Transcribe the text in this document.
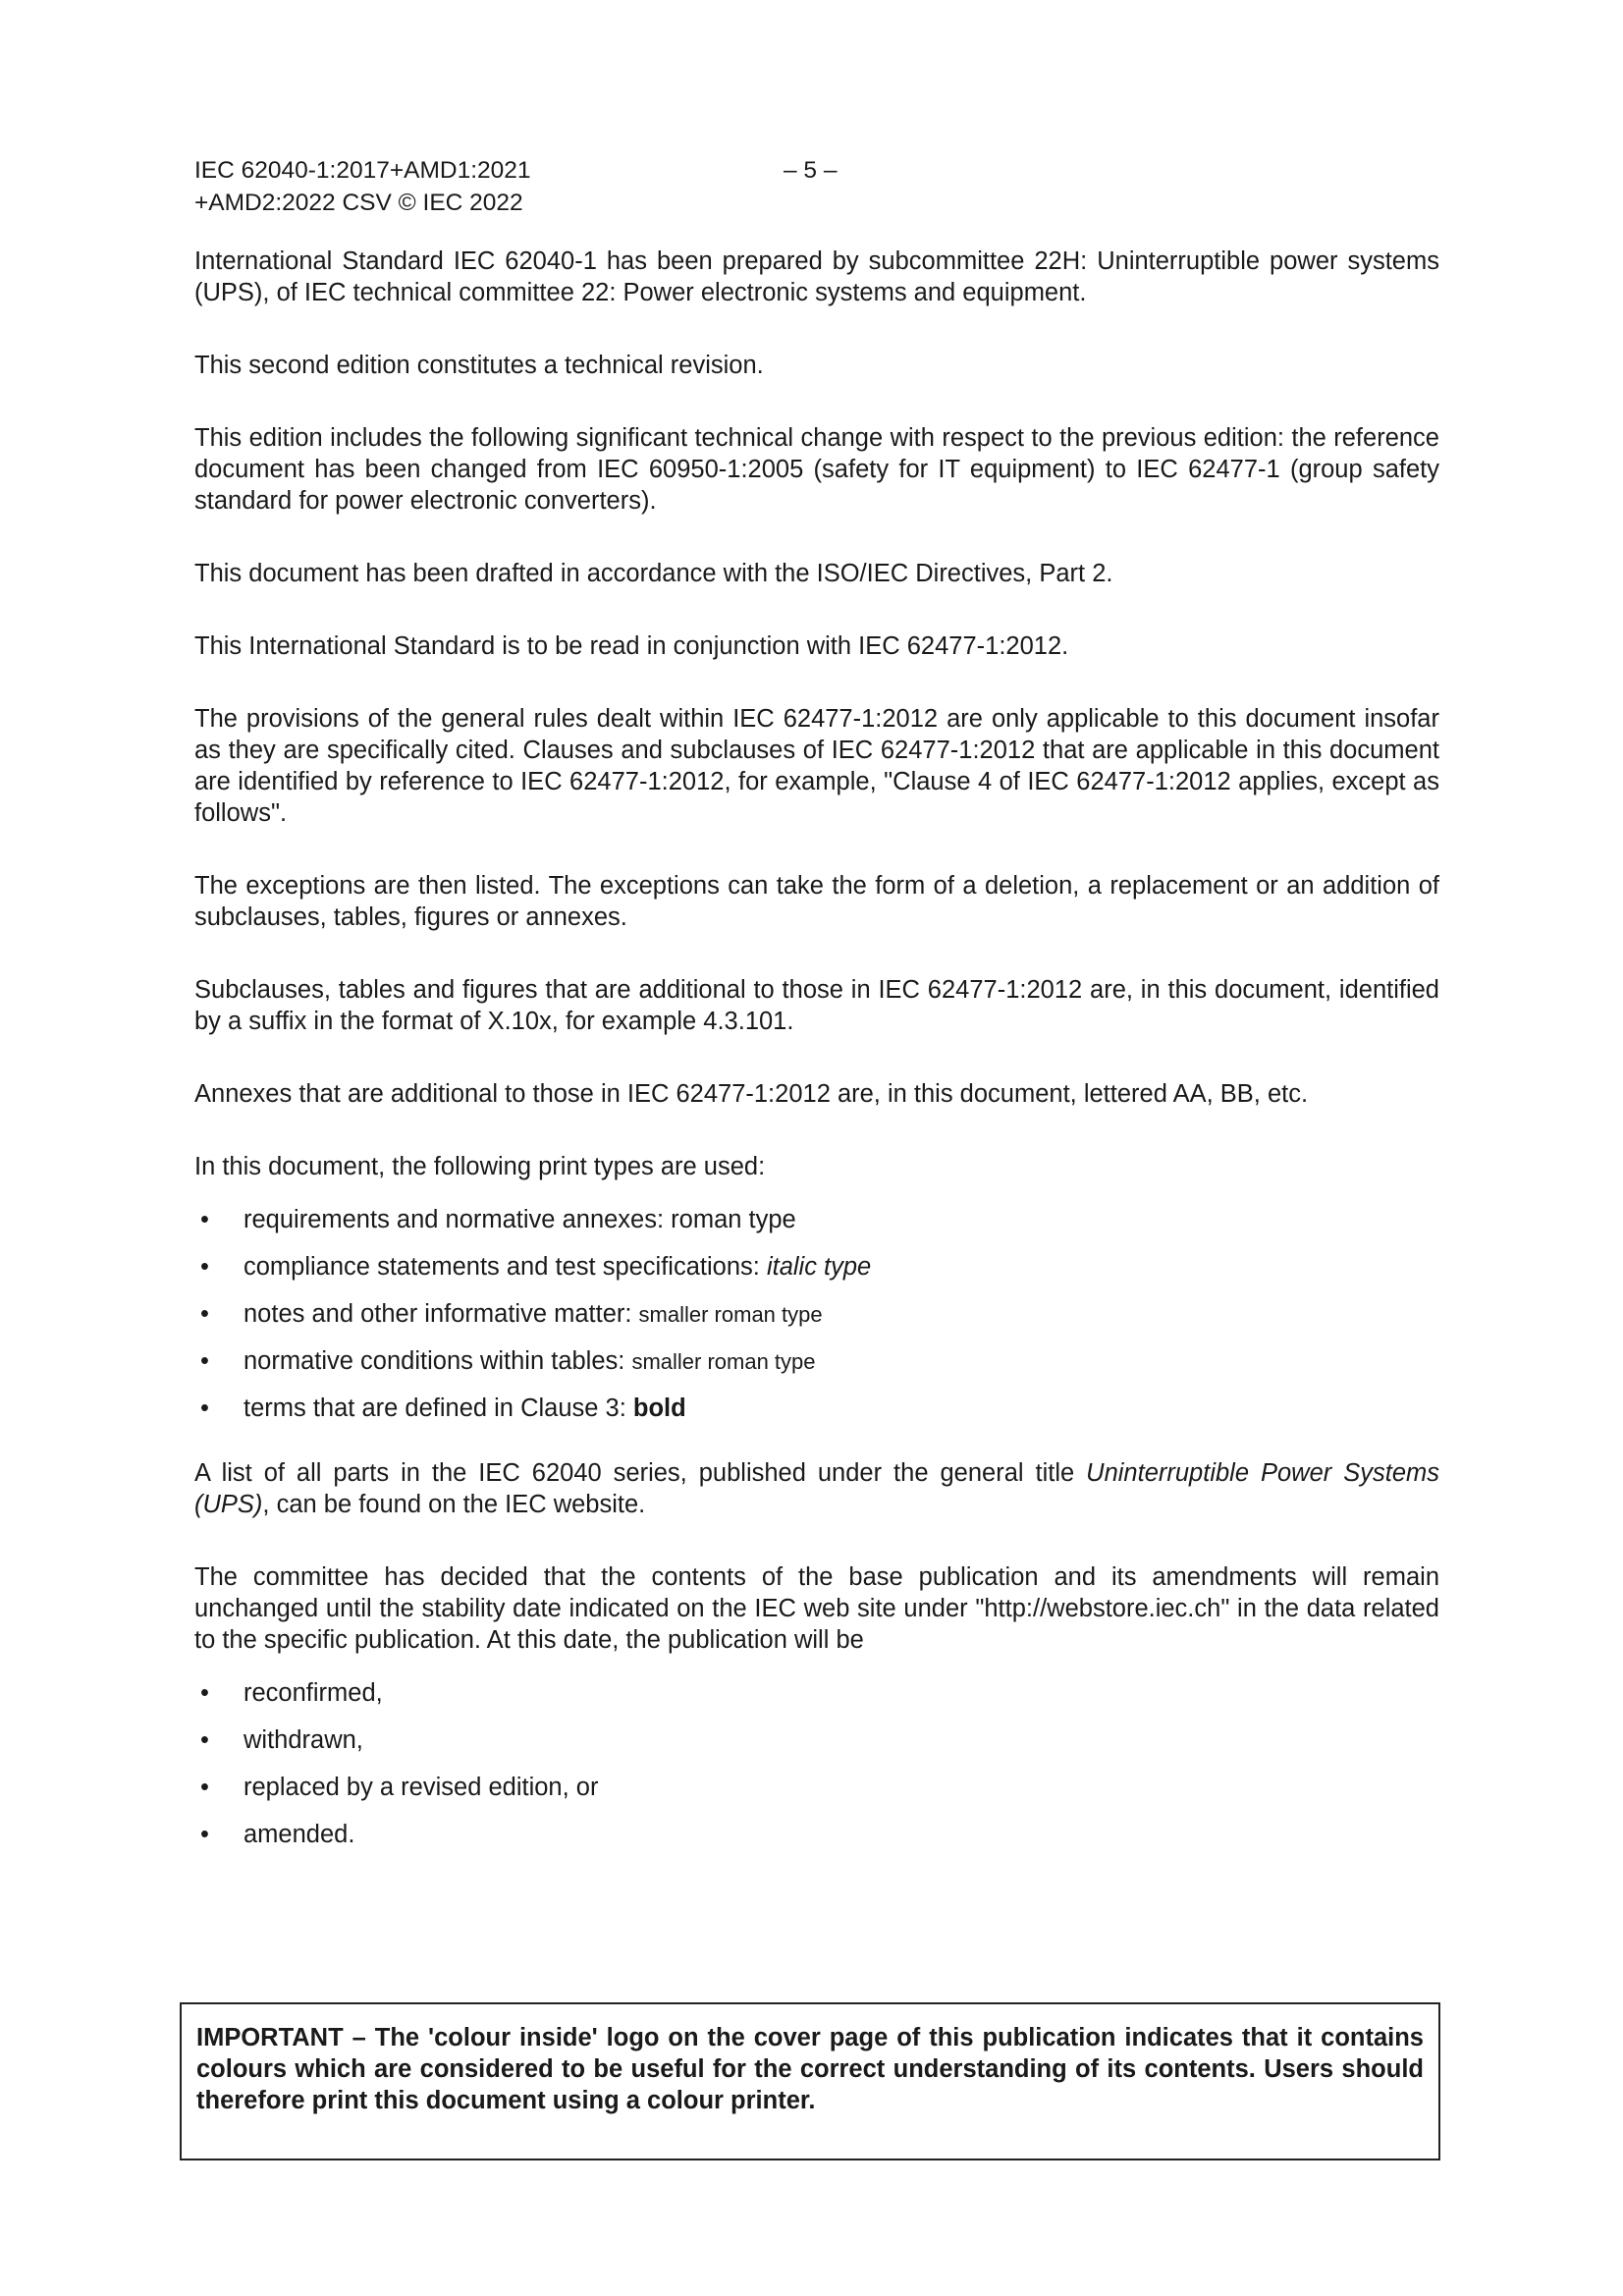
IEC 62040-1:2017+AMD1:2021
+AMD2:2022 CSV © IEC 2022
– 5 –

International Standard IEC 62040-1 has been prepared by subcommittee 22H: Uninterruptible power systems (UPS), of IEC technical committee 22: Power electronic systems and equipment.

This second edition constitutes a technical revision.

This edition includes the following significant technical change with respect to the previous edition: the reference document has been changed from IEC 60950-1:2005 (safety for IT equipment) to IEC 62477-1 (group safety standard for power electronic converters).

This document has been drafted in accordance with the ISO/IEC Directives, Part 2.

This International Standard is to be read in conjunction with IEC 62477-1:2012.

The provisions of the general rules dealt within IEC 62477-1:2012 are only applicable to this document insofar as they are specifically cited. Clauses and subclauses of IEC 62477-1:2012 that are applicable in this document are identified by reference to IEC 62477-1:2012, for example, "Clause 4 of IEC 62477-1:2012 applies, except as follows".

The exceptions are then listed. The exceptions can take the form of a deletion, a replacement or an addition of subclauses, tables, figures or annexes.

Subclauses, tables and figures that are additional to those in IEC 62477-1:2012 are, in this document, identified by a suffix in the format of X.10x, for example 4.3.101.

Annexes that are additional to those in IEC 62477-1:2012 are, in this document, lettered AA, BB, etc.

In this document, the following print types are used:

• requirements and normative annexes: roman type
• compliance statements and test specifications: italic type
• notes and other informative matter: smaller roman type
• normative conditions within tables: smaller roman type
• terms that are defined in Clause 3: bold

A list of all parts in the IEC 62040 series, published under the general title Uninterruptible Power Systems (UPS), can be found on the IEC website.

The committee has decided that the contents of the base publication and its amendments will remain unchanged until the stability date indicated on the IEC web site under "http://webstore.iec.ch" in the data related to the specific publication. At this date, the publication will be

• reconfirmed,
• withdrawn,
• replaced by a revised edition, or
• amended.
IMPORTANT – The 'colour inside' logo on the cover page of this publication indicates that it contains colours which are considered to be useful for the correct understanding of its contents. Users should therefore print this document using a colour printer.
